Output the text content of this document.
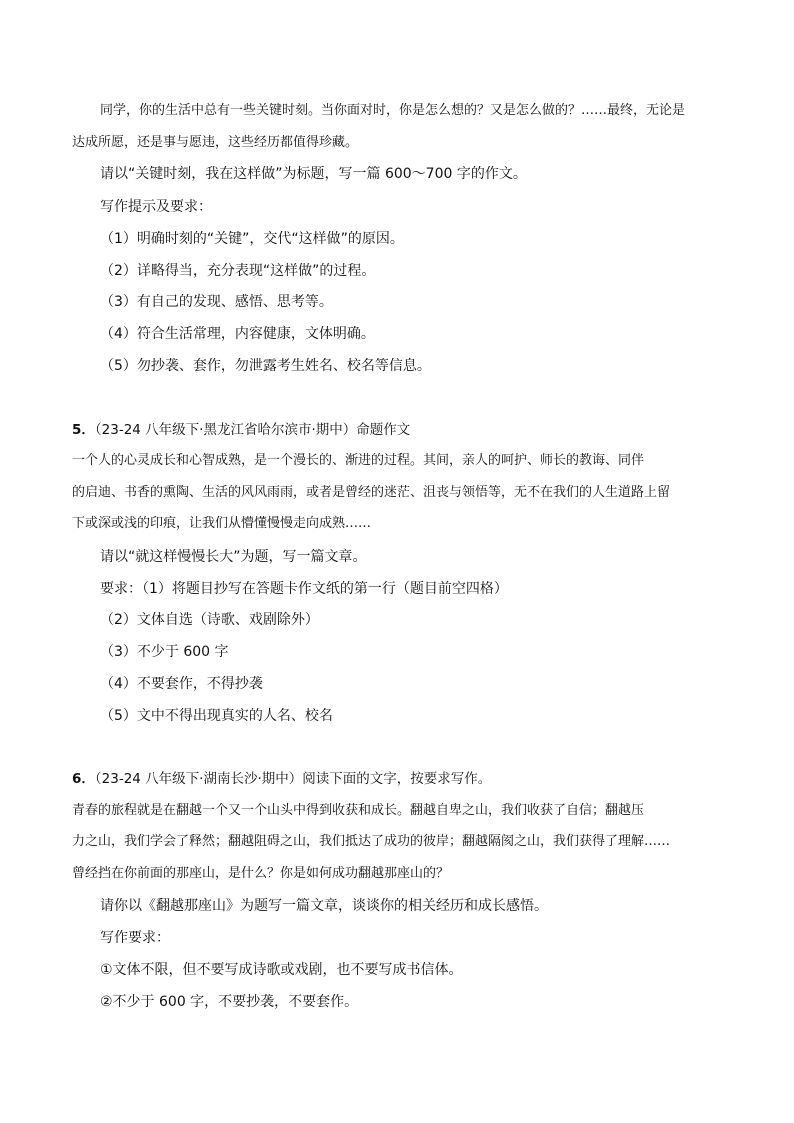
同学，你的生活中总有一些关键时刻。当你面对时，你是怎么想的？又是怎么做的？……最终，无论是
达成所愿，还是事与愿违，这些经历都值得珍藏。
请以“关键时刻，我在这样做”为标题，写一篇 600～700 字的作文。
写作提示及要求：
（1）明确时刻的“关键”，交代“这样做”的原因。
（2）详略得当，充分表现“这样做”的过程。
（3）有自己的发现、感悟、思考等。
（4）符合生活常理，内容健康，文体明确。
（5）勿抄袭、套作，勿泄露考生姓名、校名等信息。
5．（23-24 八年级下·黑龙江省哈尔滨市·期中）命题作文
一个人的心灵成长和心智成熟，是一个漫长的、渐进的过程。其间，亲人的呵护、师长的教诲、同伴
的启迪、书香的熏陶、生活的风风雨雨，或者是曾经的迷茫、沮丧与领悟等，无不在我们的人生道路上留
下或深或浅的印痕，让我们从懵懂慢慢走向成熟……
请以“就这样慢慢长大”为题，写一篇文章。
要求：（1）将题目抄写在答题卡作文纸的第一行（题目前空四格）
（2）文体自选（诗歌、戏剧除外）
（3）不少于 600 字
（4）不要套作，不得抄袭
（5）文中不得出现真实的人名、校名
6．（23-24 八年级下·湖南长沙·期中）阅读下面的文字，按要求写作。
青春的旅程就是在翻越一个又一个山头中得到收获和成长。翻越自卑之山，我们收获了自信；翻越压
力之山，我们学会了释然；翻越阻碍之山，我们抵达了成功的彼岸；翻越隔阂之山，我们获得了理解……
曾经挡在你前面的那座山，是什么？你是如何成功翻越那座山的？
请你以《翻越那座山》为题写一篇文章，谈谈你的相关经历和成长感悟。
写作要求：
①文体不限，但不要写成诗歌或戏剧，也不要写成书信体。
②不少于 600 字，不要抄袭，不要套作。
